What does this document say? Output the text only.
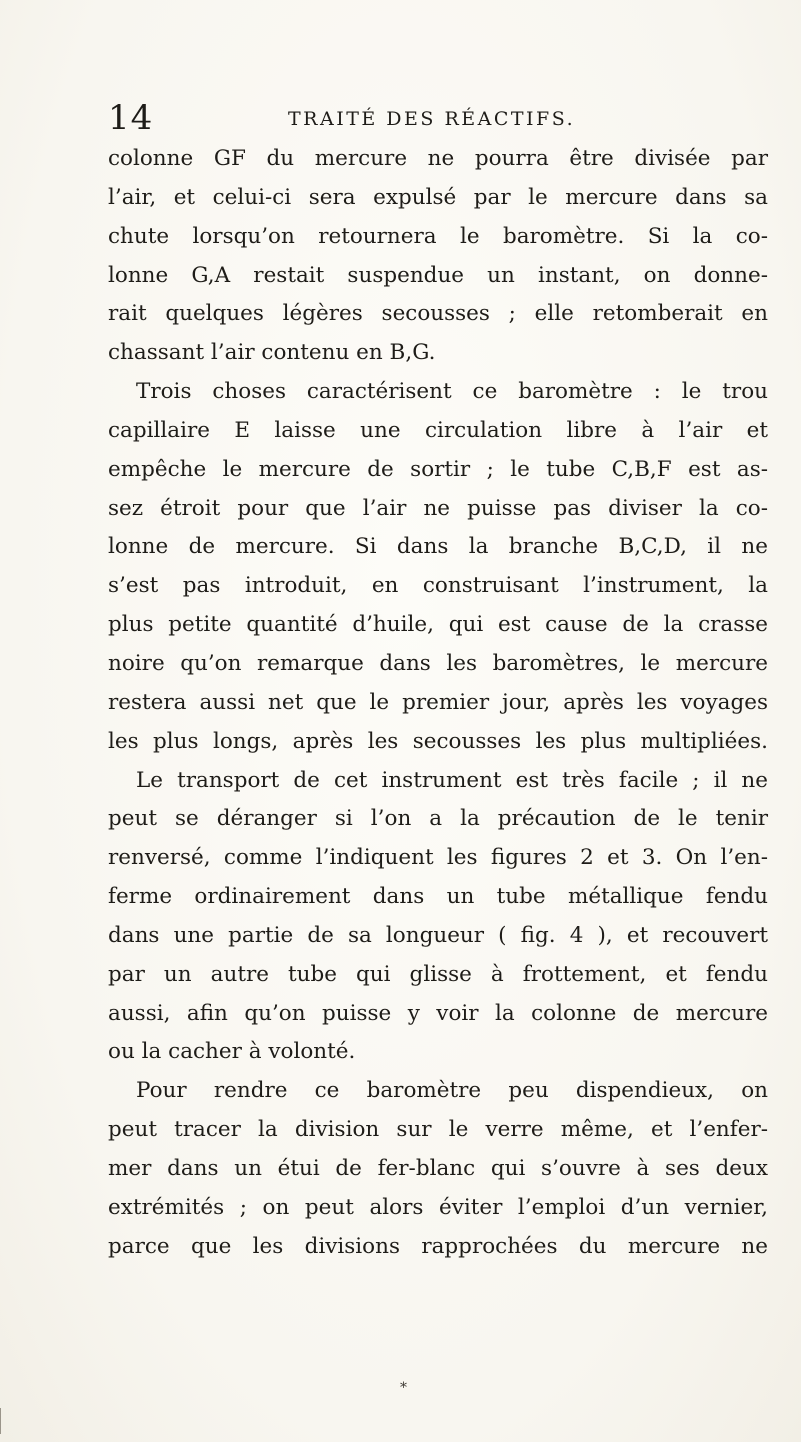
14	TRAITÉ DES RÉACTIFS.
colonne GF du mercure ne pourra être divisée par
l’air, et celui-ci sera expulsé par le mercure dans sa
chute lorsqu’on retournera le baromètre. Si la co-
lonne G,A restait suspendue un instant, on donne-
rait quelques légères secousses ; elle retomberait en
chassant l’air contenu en B,G.
Trois choses caractérisent ce baromètre : le trou
capillaire E laisse une circulation libre à l’air et
empêche le mercure de sortir ; le tube C,B,F est as-
sez étroit pour que l’air ne puisse pas diviser la co-
lonne de mercure. Si dans la branche B,C,D, il ne
s’est pas introduit, en construisant l’instrument, la
plus petite quantité d’huile, qui est cause de la crasse
noire qu’on remarque dans les baromètres, le mercure
restera aussi net que le premier jour, après les voyages
les plus longs, après les secousses les plus multipliées.
Le transport de cet instrument est très facile ; il ne
peut se déranger si l’on a la précaution de le tenir
renversé, comme l’indiquent les figures 2 et 3. On l’en-
ferme ordinairement dans un tube métallique fendu
dans une partie de sa longueur ( fig. 4 ), et recouvert
par un autre tube qui glisse à frottement, et fendu
aussi, afin qu’on puisse y voir la colonne de mercure
ou la cacher à volonté.
Pour rendre ce baromètre peu dispendieux, on
peut tracer la division sur le verre même, et l’enfer-
mer dans un étui de fer-blanc qui s’ouvre à ses deux
extrémités ; on peut alors éviter l’emploi d’un vernier,
parce que les divisions rapprochées du mercure ne
*
